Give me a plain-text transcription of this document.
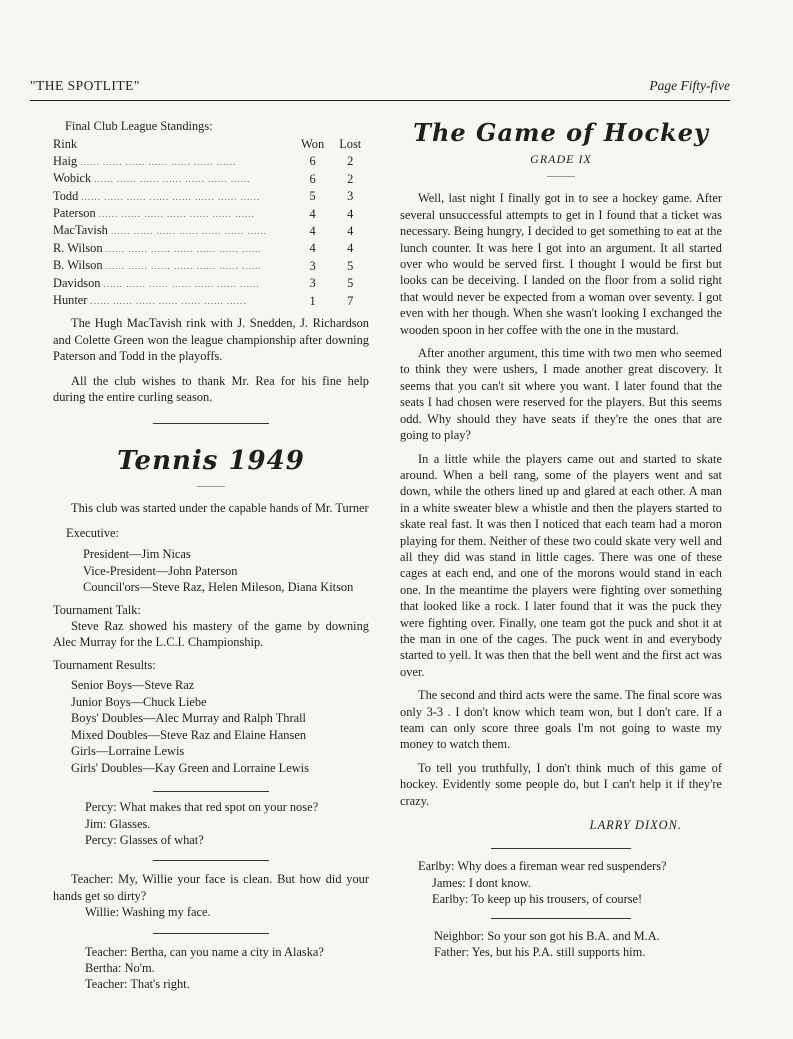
"THE SPOTLITE"	Page Fifty-five

Final Club League Standings:

Rink	Won	Lost
Haig ...... ...... ...... ...... ...... ...... ......	6	2
Wobick ...... ...... ...... ...... ...... ...... ......	6	2
Todd ...... ...... ...... ...... ...... ...... ...... ......	5	3
Paterson ...... ...... ...... ...... ...... ...... ......	4	4
MacTavish ...... ...... ...... ...... ...... ...... ......	4	4
R. Wilson ...... ...... ...... ...... ...... ...... ......	4	4
B. Wilson ...... ...... ...... ...... ...... ...... ......	3	5
Davidson ...... ...... ...... ...... ...... ...... ......	3	5
Hunter ...... ...... ...... ...... ...... ...... ......	1	7

The Hugh MacTavish rink with J. Snedden, J. Richardson and Colette Green won the league championship after downing Paterson and Todd in the playoffs.

All the club wishes to thank Mr. Rea for his fine help during the entire curling season.

Tennis 1949

This club was started under the capable hands of Mr. Turner

Executive:

President—Jim Nicas

Vice-President—John Paterson

Council'ors—Steve Raz, Helen Mileson, Diana Kitson

Tournament Talk:

Steve Raz showed his mastery of the game by downing Alec Murray for the L.C.I. Championship.

Tournament Results:

Senior Boys—Steve Raz

Junior Boys—Chuck Liebe

Boys' Doubles—Alec Murray and Ralph Thrall

Mixed Doubles—Steve Raz and Elaine Hansen

Girls—Lorraine Lewis

Girls' Doubles—Kay Green and Lorraine Lewis

Percy: What makes that red spot on your nose?

Jim: Glasses.

Percy: Glasses of what?

Teacher: My, Willie your face is clean. But how did your hands get so dirty?

Willie: Washing my face.

Teacher: Bertha, can you name a city in Alaska?

Bertha: No'm.

Teacher: That's right.

The Game of Hockey
GRADE IX

Well, last night I finally got in to see a hockey game. After several unsuccessful attempts to get in I found that a ticket was necessary. Being hungry, I decided to get something to eat at the lunch counter. It was here I got into an argument. It all started over who would be served first. I thought I would be first but looks can be deceiving. I landed on the floor from a solid right that would never be expected from a woman over seventy. I got even with her though. When she wasn't looking I exchanged the wooden spoon in her coffee with the one in the mustard.

After another argument, this time with two men who seemed to think they were ushers, I made another great discovery. It seems that you can't sit where you want. I later found that the seats I had chosen were reserved for the players. But this seems odd. Why should they have seats if they're the ones that are going to play?

In a little while the players came out and started to skate around. When a bell rang, some of the players went and sat down, while the others lined up and glared at each other. A man in a white sweater blew a whistle and then the players started to skate real fast. It was then I noticed that each team had a moron playing for them. Neither of these two could skate very well and all they did was stand in little cages. There was one of these cages at each end, and one of the morons would stand in each one. In the meantime the players were fighting over something that looked like a rock. I later found that it was the puck they were fighting over. Finally, one team got the puck and shot it at the man in one of the cages. The puck went in and everybody started to yell. It was then that the bell went and the first act was over.

The second and third acts were the same. The final score was only 3-3 . I don't know which team won, but I don't care. If a team can only score three goals I'm not going to waste my money to watch them.

To tell you truthfully, I don't think much of this game of hockey. Evidently some people do, but I can't help it if they're crazy.

LARRY DIXON.

Earlby: Why does a fireman wear red suspenders?

James: I dont know.

Earlby: To keep up his trousers, of course!

Neighbor: So your son got his B.A. and M.A.

Father: Yes, but his P.A. still supports him.
